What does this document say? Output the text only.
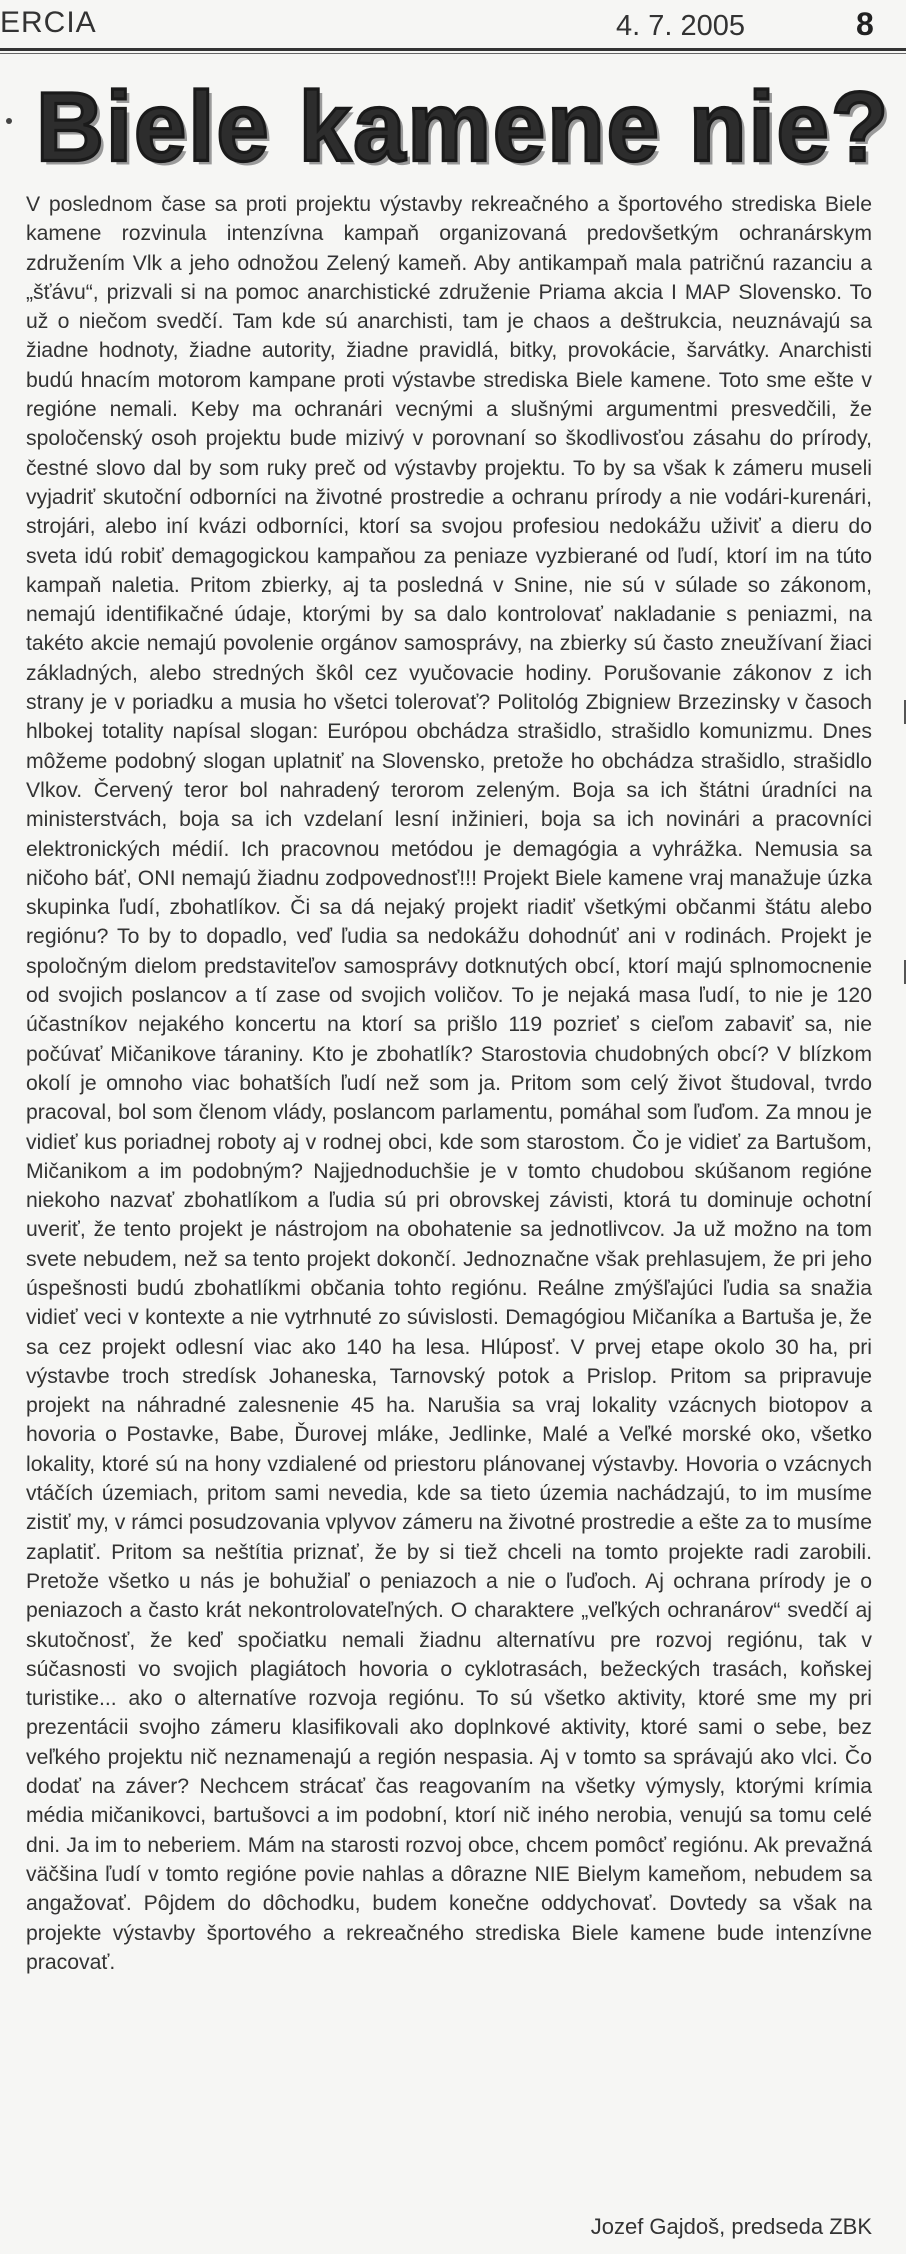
ERCIA	4. 7. 2005	8
Biele kamene nie?

V poslednom čase sa proti projektu výstavby rekreačného a športového strediska Biele kamene rozvinula intenzívna kampaň organizovaná predovšetkým ochranárskym združením Vlk a jeho odnožou Zelený kameň. Aby antikampaň mala patričnú razanciu a „šťávu“, prizvali si na pomoc anarchistické združenie Priama akcia I MAP Slovensko. To už o niečom svedčí. Tam kde sú anarchisti, tam je chaos a deštrukcia, neuznávajú sa žiadne hodnoty, žiadne autority, žiadne pravidlá, bitky, provokácie, šarvátky. Anarchisti budú hnacím motorom kampane proti výstavbe strediska Biele kamene. Toto sme ešte v regióne nemali. Keby ma ochranári vecnými a slušnými argumentmi presvedčili, že spoločenský osoh projektu bude mizivý v porovnaní so škodlivosťou zásahu do prírody, čestné slovo dal by som ruky preč od výstavby projektu. To by sa však k zámeru museli vyjadriť skutoční odborníci na životné prostredie a ochranu prírody a nie vodári-kurenári, strojári, alebo iní kvázi odborníci, ktorí sa svojou profesiou nedokážu uživiť a dieru do sveta idú robiť demagogickou kampaňou za peniaze vyzbierané od ľudí, ktorí im na túto kampaň naletia. Pritom zbierky, aj ta posledná v Snine, nie sú v súlade so zákonom, nemajú identifikačné údaje, ktorými by sa dalo kontrolovať nakladanie s peniazmi, na takéto akcie nemajú povolenie orgánov samosprávy, na zbierky sú často zneužívaní žiaci základných, alebo stredných škôl cez vyučovacie hodiny. Porušovanie zákonov z ich strany je v poriadku a musia ho všetci tolerovať? Politológ Zbigniew Brzezinsky v časoch hlbokej totality napísal slogan: Európou obchádza strašidlo, strašidlo komunizmu. Dnes môžeme podobný slogan uplatniť na Slovensko, pretože ho obchádza strašidlo, strašidlo Vlkov. Červený teror bol nahradený terorom zeleným. Boja sa ich štátni úradníci na ministerstvách, boja sa ich vzdelaní lesní inžinieri, boja sa ich novinári a pracovníci elektronických médií. Ich pracovnou metódou je demagógia a vyhrážka. Nemusia sa ničoho báť, ONI nemajú žiadnu zodpovednosť!!! Projekt Biele kamene vraj manažuje úzka skupinka ľudí, zbohatlíkov. Či sa dá nejaký projekt riadiť všetkými občanmi štátu alebo regiónu? To by to dopadlo, veď ľudia sa nedokážu dohodnúť ani v rodinách. Projekt je spoločným dielom predstaviteľov samosprávy dotknutých obcí, ktorí majú splnomocnenie od svojich poslancov a tí zase od svojich voličov. To je nejaká masa ľudí, to nie je 120 účastníkov nejakého koncertu na ktorí sa prišlo 119 pozrieť s cieľom zabaviť sa, nie počúvať Mičanikove táraniny. Kto je zbohatlík? Starostovia chudobných obcí? V blízkom okolí je omnoho viac bohatších ľudí než som ja. Pritom som celý život študoval, tvrdo pracoval, bol som členom vlády, poslancom parlamentu, pomáhal som ľuďom. Za mnou je vidieť kus poriadnej roboty aj v rodnej obci, kde som starostom. Čo je vidieť za Bartušom, Mičanikom a im podobným? Najjednoduchšie je v tomto chudobou skúšanom regióne niekoho nazvať zbohatlíkom a ľudia sú pri obrovskej závisti, ktorá tu dominuje ochotní uveriť, že tento projekt je nástrojom na obohatenie sa jednotlivcov. Ja už možno na tom svete nebudem, než sa tento projekt dokončí. Jednoznačne však prehlasujem, že pri jeho úspešnosti budú zbohatlíkmi občania tohto regiónu. Reálne zmýšľajúci ľudia sa snažia vidieť veci v kontexte a nie vytrhnuté zo súvislosti. Demagógiou Mičaníka a Bartuša je, že sa cez projekt odlesní viac ako 140 ha lesa. Hlúposť. V prvej etape okolo 30 ha, pri výstavbe troch stredísk Johaneska, Tarnovský potok a Prislop. Pritom sa pripravuje projekt na náhradné zalesnenie 45 ha. Narušia sa vraj lokality vzácnych biotopov a hovoria o Postavke, Babe, Ďurovej mláke, Jedlinke, Malé a Veľké morské oko, všetko lokality, ktoré sú na hony vzdialené od priestoru plánovanej výstavby. Hovoria o vzácnych vtáčích územiach, pritom sami nevedia, kde sa tieto územia nachádzajú, to im musíme zistiť my, v rámci posudzovania vplyvov zámeru na životné prostredie a ešte za to musíme zaplatiť. Pritom sa neštítia priznať, že by si tiež chceli na tomto projekte radi zarobili. Pretože všetko u nás je bohužiaľ o peniazoch a nie o ľuďoch. Aj ochrana prírody je o peniazoch a často krát nekontrolovateľných. O charaktere „veľkých ochranárov“ svedčí aj skutočnosť, že keď spočiatku nemali žiadnu alternatívu pre rozvoj regiónu, tak v súčasnosti vo svojich plagiátoch hovoria o cyklotrasách, bežeckých trasách, koňskej turistike... ako o alternatíve rozvoja regiónu. To sú všetko aktivity, ktoré sme my pri prezentácii svojho zámeru klasifikovali ako doplnkové aktivity, ktoré sami o sebe, bez veľkého projektu nič neznamenajú a región nespasia. Aj v tomto sa správajú ako vlci. Čo dodať na záver? Nechcem strácať čas reagovaním na všetky výmysly, ktorými krímia média mičanikovci, bartušovci a im podobní, ktorí nič iného nerobia, venujú sa tomu celé dni. Ja im to neberiem. Mám na starosti rozvoj obce, chcem pomôcť regiónu. Ak prevažná väčšina ľudí v tomto regióne povie nahlas a dôrazne NIE Bielym kameňom, nebudem sa angažovať. Pôjdem do dôchodku, budem konečne oddychovať. Dovtedy sa však na projekte výstavby športového a rekreačného strediska Biele kamene bude intenzívne pracovať.

Jozef Gajdoš, predseda ZBK
